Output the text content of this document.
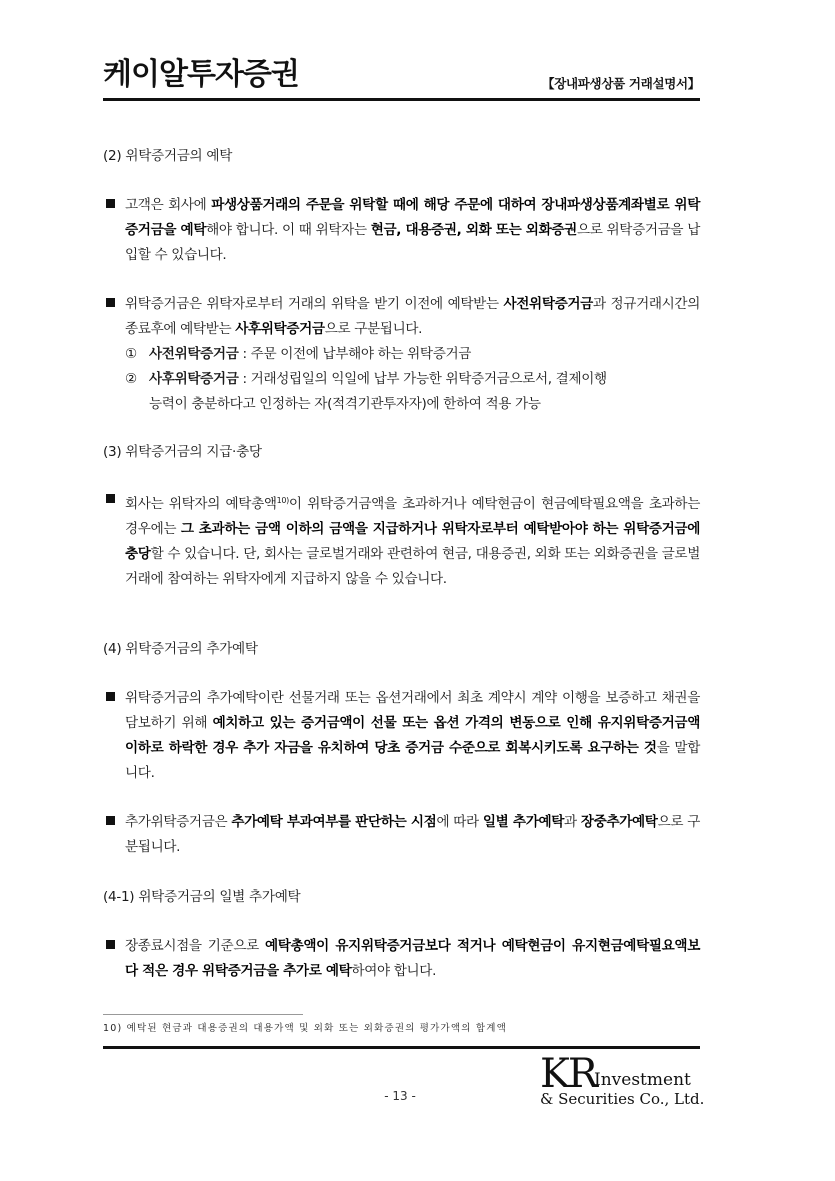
케이알투자증권	【장내파생상품 거래설명서】
(2) 위탁증거금의 예탁
고객은 회사에 파생상품거래의 주문을 위탁할 때에 해당 주문에 대하여 장내파생상품계좌별로 위탁증거금을 예탁해야 합니다. 이 때 위탁자는 현금, 대용증권, 외화 또는 외화증권으로 위탁증거금을 납입할 수 있습니다.
위탁증거금은 위탁자로부터 거래의 위탁을 받기 이전에 예탁받는 사전위탁증거금과 정규거래시간의 종료후에 예탁받는 사후위탁증거금으로 구분됩니다.
① 사전위탁증거금 : 주문 이전에 납부해야 하는 위탁증거금
② 사후위탁증거금 : 거래성립일의 익일에 납부 가능한 위탁증거금으로서, 결제이행
능력이 충분하다고 인정하는 자(적격기관투자자)에 한하여 적용 가능
(3) 위탁증거금의 지급·충당
회사는 위탁자의 예탁총액$^{10)}$이 위탁증거금액을 초과하거나 예탁현금이 현금예탁필요액을 초과하는 경우에는 그 초과하는 금액 이하의 금액을 지급하거나 위탁자로부터 예탁받아야 하는 위탁증거금에 충당할 수 있습니다. 단, 회사는 글로벌거래와 관련하여 현금, 대용증권, 외화 또는 외화증권을 글로벌거래에 참여하는 위탁자에게 지급하지 않을 수 있습니다.
(4) 위탁증거금의 추가예탁
위탁증거금의 추가예탁이란 선물거래 또는 옵션거래에서 최초 계약시 계약 이행을 보증하고 채권을 담보하기 위해 예치하고 있는 증거금액이 선물 또는 옵션 가격의 변동으로 인해 유지위탁증거금액 이하로 하락한 경우 추가 자금을 유치하여 당초 증거금 수준으로 회복시키도록 요구하는 것을 말합니다.
추가위탁증거금은 추가예탁 부과여부를 판단하는 시점에 따라 일별 추가예탁과 장중추가예탁으로 구분됩니다.
(4-1) 위탁증거금의 일별 추가예탁
장종료시점을 기준으로 예탁총액이 유지위탁증거금보다 적거나 예탁현금이 유지현금예탁필요액보다 적은 경우 위탁증거금을 추가로 예탁하여야 합니다.
10) 예탁된 현금과 대용증권의 대용가액 및 외화 또는 외화증권의 평가가액의 합계액
- 13 -	KR
Investment
& Securities Co., Ltd.
